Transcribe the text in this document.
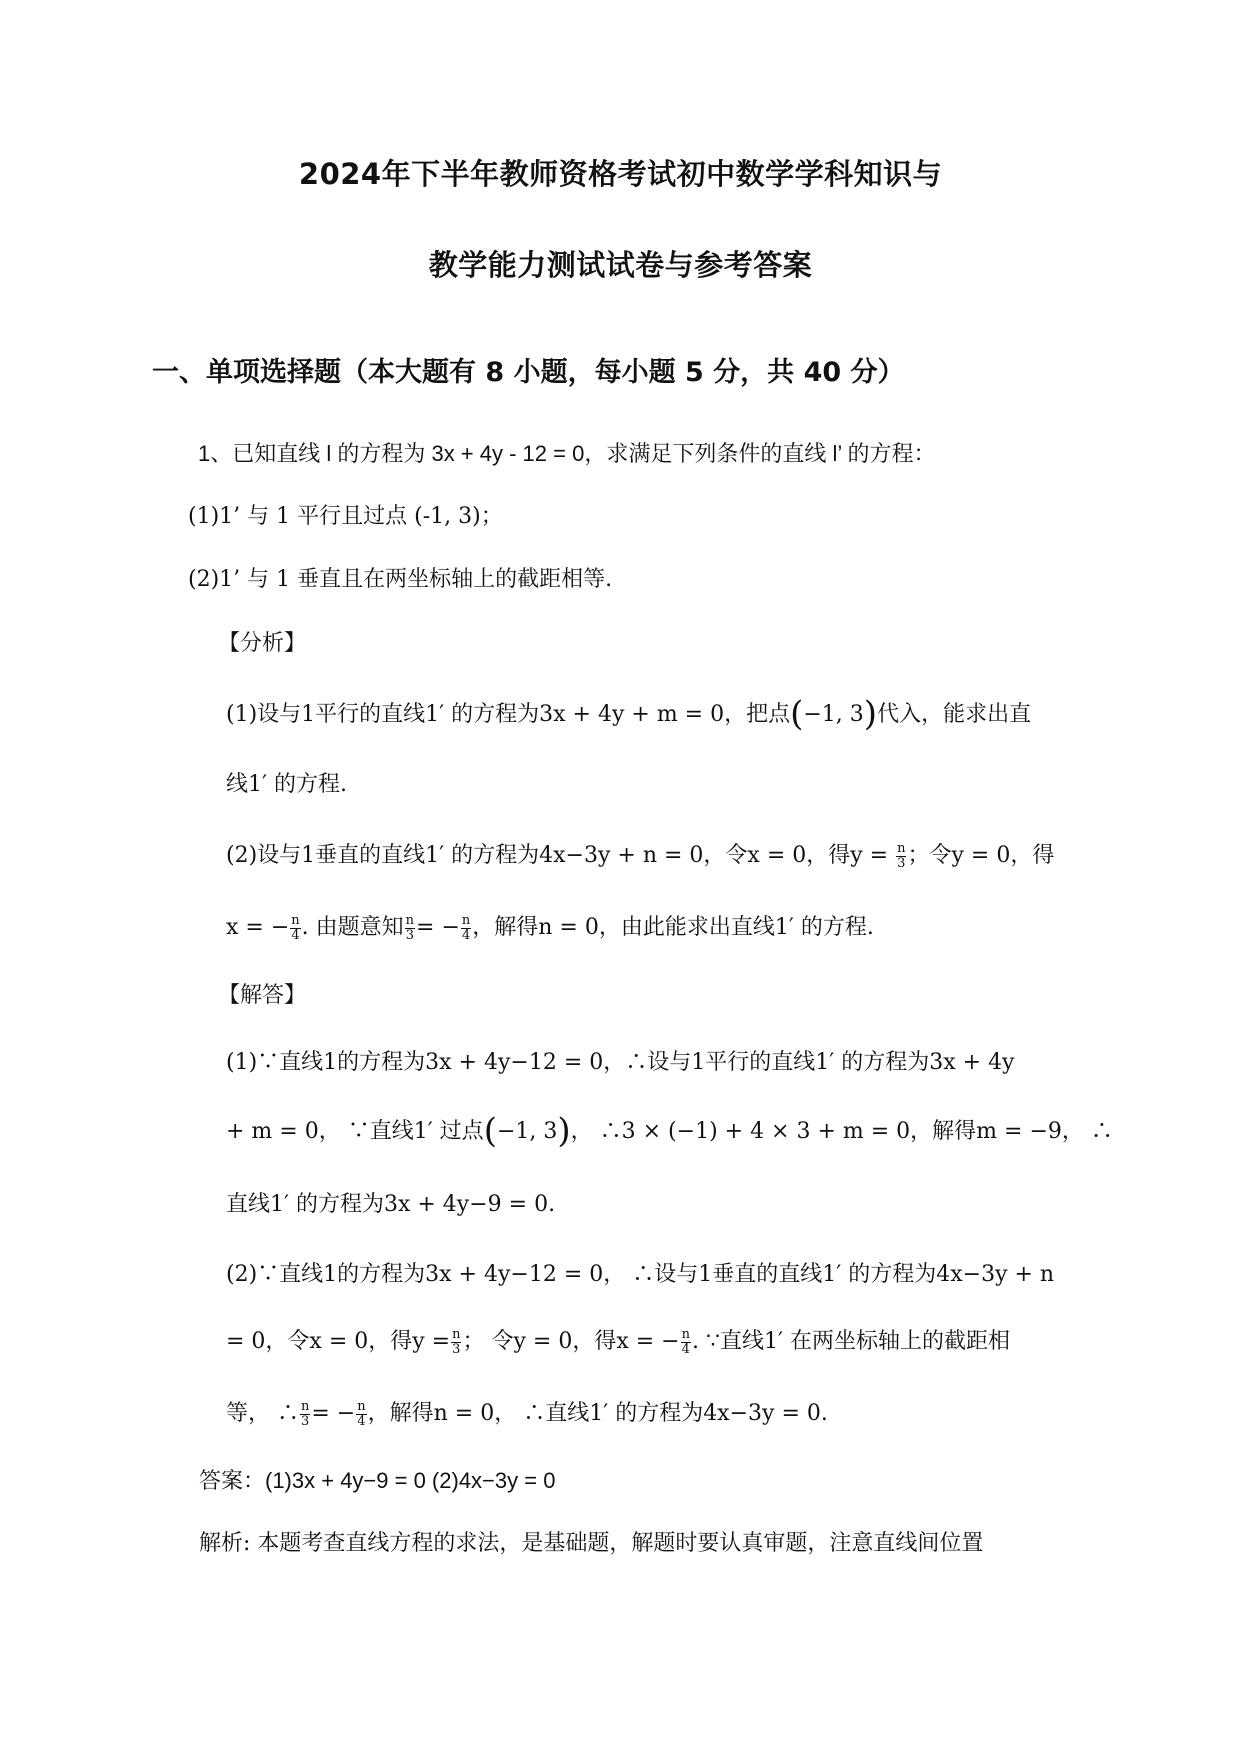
2024年下半年教师资格考试初中数学学科知识与
教学能力测试试卷与参考答案
一、单项选择题（本大题有 8 小题，每小题 5 分，共 40 分）
1、已知直线 l 的方程为 3x + 4y - 12 = 0，求满足下列条件的直线 l’ 的方程：
(1)1’ 与 1 平行且过点 (-1, 3)；
(2)1’ 与 1 垂直且在两坐标轴上的截距相等.
【分析】
(1)设与1平行的直线1′ 的方程为3x + 4y + m = 0，把点(−1, 3)代入，能求出直
线1′ 的方程.
(2)设与1垂直的直线1′ 的方程为4x−3y + n = 0，令x = 0，得$y = \frac{n}{3}$ ；令y = 0，得
x = − $\frac{n}{4}$ . 由题意知 $\frac{n}{3}$ = − $\frac{n}{4}$ ，解得n = 0，由此能求出直线1′ 的方程.
【解答】
(1)∵直线1的方程为3x + 4y−12 = 0，∴设与1平行的直线1′ 的方程为3x + 4y
+ m = 0， ∵直线1′ 过点(−1, 3)， ∴3 × (−1) + 4 × 3 + m = 0，解得m = −9， ∴
直线1′ 的方程为3x + 4y−9 = 0.
(2)∵直线1的方程为3x + 4y−12 = 0， ∴设与1垂直的直线1′ 的方程为4x−3y + n
= 0，令x = 0，得$y = \frac{n}{3}$ ； 令y = 0，得x = − $\frac{n}{4}$ . ∵直线1′ 在两坐标轴上的截距相
等， ∴ $\frac{n}{3}$ = − $\frac{n}{4}$ ，解得n = 0， ∴直线1′ 的方程为4x−3y = 0.
答案：(1)3x + 4y−9 = 0 (2)4x−3y = 0
解析: 本题考查直线方程的求法，是基础题，解题时要认真审题，注意直线间位置
